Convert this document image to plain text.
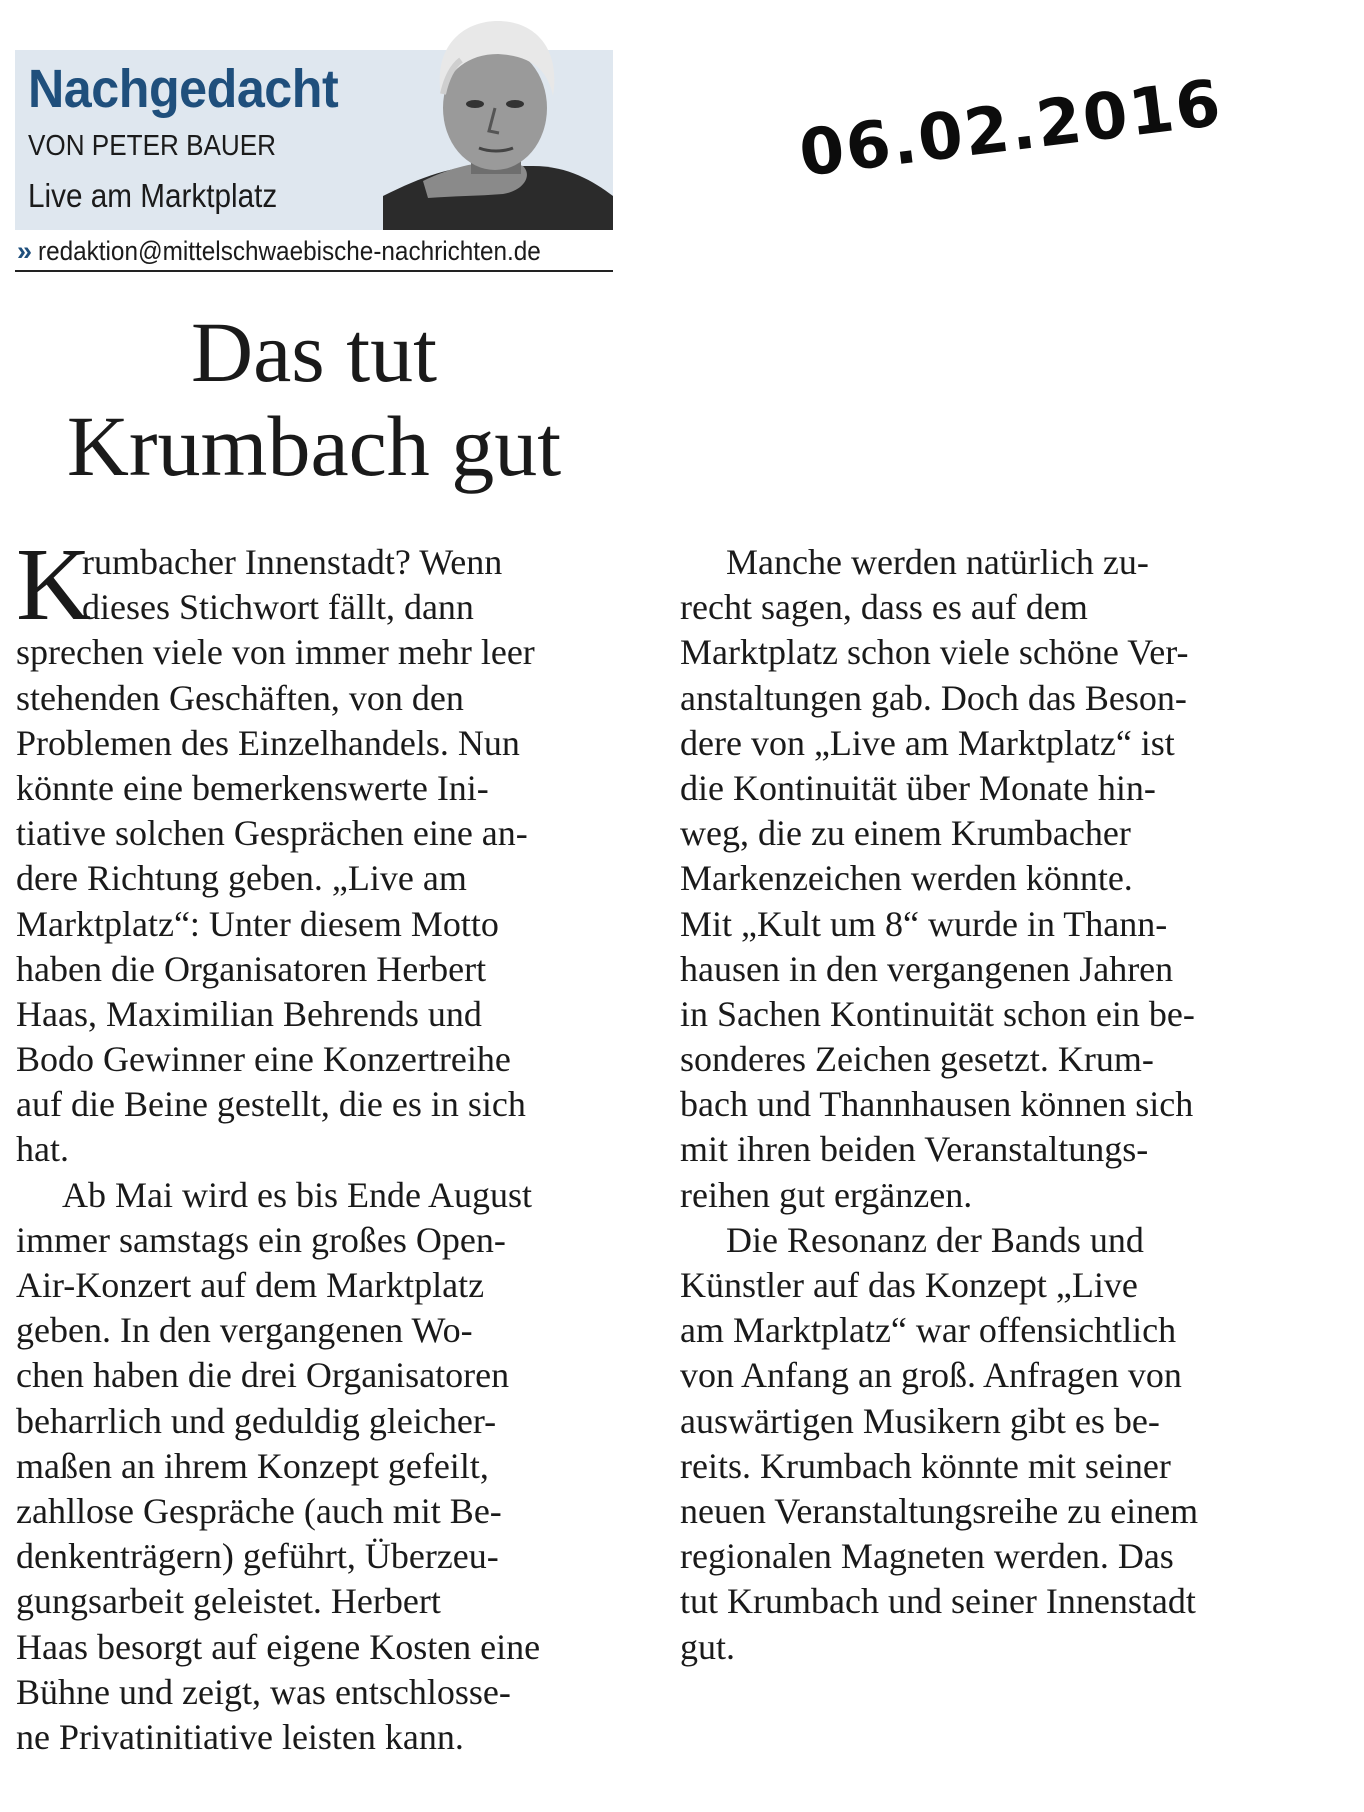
Nachgedacht
VON PETER BAUER
Live am Marktplatz
» redaktion@mittelschwaebische-nachrichten.de
06.02.2016
Das tut
Krumbach gut
K
rumbacher Innenstadt? Wenn
dieses Stichwort fällt, dann
sprechen viele von immer mehr leer
stehenden Geschäften, von den
Problemen des Einzelhandels. Nun
könnte eine bemerkenswerte Ini-
tiative solchen Gesprächen eine an-
dere Richtung geben. „Live am
Marktplatz“: Unter diesem Motto
haben die Organisatoren Herbert
Haas, Maximilian Behrends und
Bodo Gewinner eine Konzertreihe
auf die Beine gestellt, die es in sich
hat.
Ab Mai wird es bis Ende August
immer samstags ein großes Open-
Air-Konzert auf dem Marktplatz
geben. In den vergangenen Wo-
chen haben die drei Organisatoren
beharrlich und geduldig gleicher-
maßen an ihrem Konzept gefeilt,
zahllose Gespräche (auch mit Be-
denkenträgern) geführt, Überzeu-
gungsarbeit geleistet. Herbert
Haas besorgt auf eigene Kosten eine
Bühne und zeigt, was entschlosse-
ne Privatinitiative leisten kann.
Manche werden natürlich zu-
recht sagen, dass es auf dem
Marktplatz schon viele schöne Ver-
anstaltungen gab. Doch das Beson-
dere von „Live am Marktplatz“ ist
die Kontinuität über Monate hin-
weg, die zu einem Krumbacher
Markenzeichen werden könnte.
Mit „Kult um 8“ wurde in Thann-
hausen in den vergangenen Jahren
in Sachen Kontinuität schon ein be-
sonderes Zeichen gesetzt. Krum-
bach und Thannhausen können sich
mit ihren beiden Veranstaltungs-
reihen gut ergänzen.
Die Resonanz der Bands und
Künstler auf das Konzept „Live
am Marktplatz“ war offensichtlich
von Anfang an groß. Anfragen von
auswärtigen Musikern gibt es be-
reits. Krumbach könnte mit seiner
neuen Veranstaltungsreihe zu einem
regionalen Magneten werden. Das
tut Krumbach und seiner Innenstadt
gut.
